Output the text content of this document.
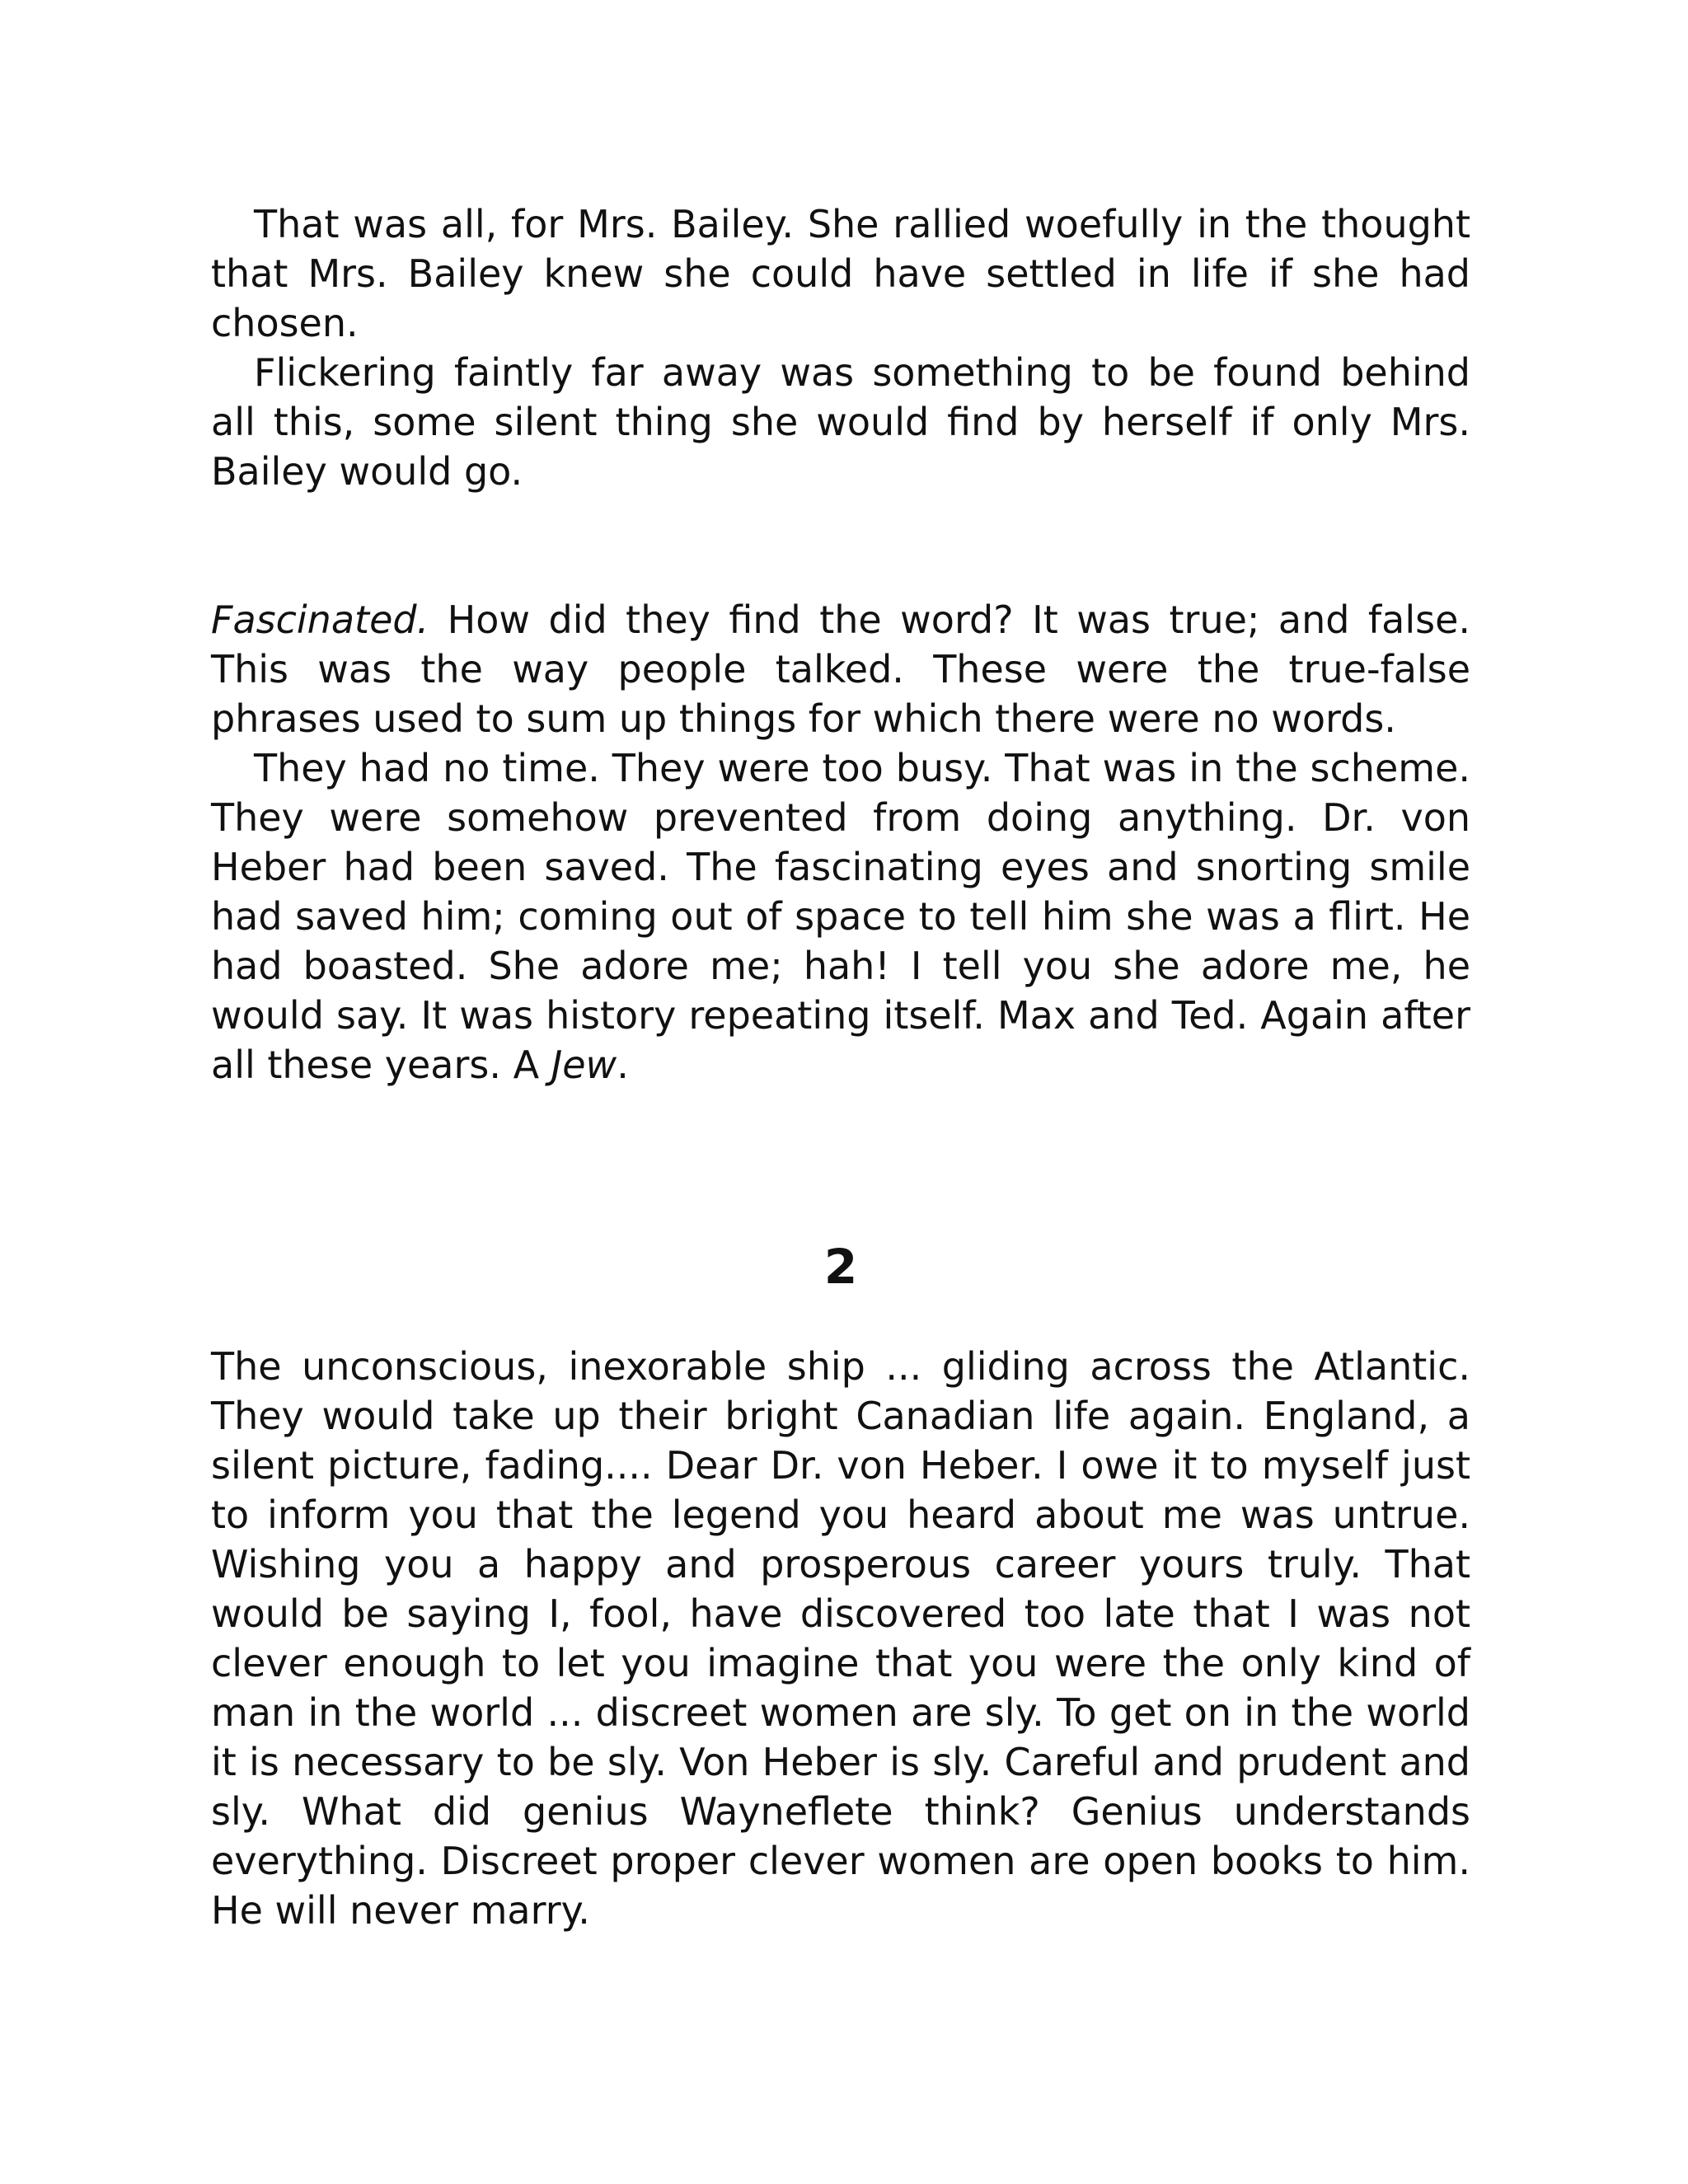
That was all, for Mrs. Bailey. She rallied woefully in the thought that Mrs. Bailey knew she could have settled in life if she had chosen.

Flickering faintly far away was something to be found behind all this, some silent thing she would find by herself if only Mrs. Bailey would go.

Fascinated. How did they find the word? It was true; and false. This was the way people talked. These were the true-false phrases used to sum up things for which there were no words.

They had no time. They were too busy. That was in the scheme. They were somehow prevented from doing anything. Dr. von Heber had been saved. The fascinating eyes and snorting smile had saved him; coming out of space to tell him she was a flirt. He had boasted. She adore me; hah! I tell you she adore me, he would say. It was history repeating itself. Max and Ted. Again after all these years. A Jew.

2

The unconscious, inexorable ship ... gliding across the Atlantic. They would take up their bright Canadian life again. England, a silent picture, fading.... Dear Dr. von Heber. I owe it to myself just to inform you that the legend you heard about me was untrue. Wishing you a happy and prosperous career yours truly. That would be saying I, fool, have discovered too late that I was not clever enough to let you imagine that you were the only kind of man in the world ... discreet women are sly. To get on in the world it is necessary to be sly. Von Heber is sly. Careful and prudent and sly. What did genius Wayneflete think? Genius understands everything. Discreet proper clever women are open books to him. He will never marry.
